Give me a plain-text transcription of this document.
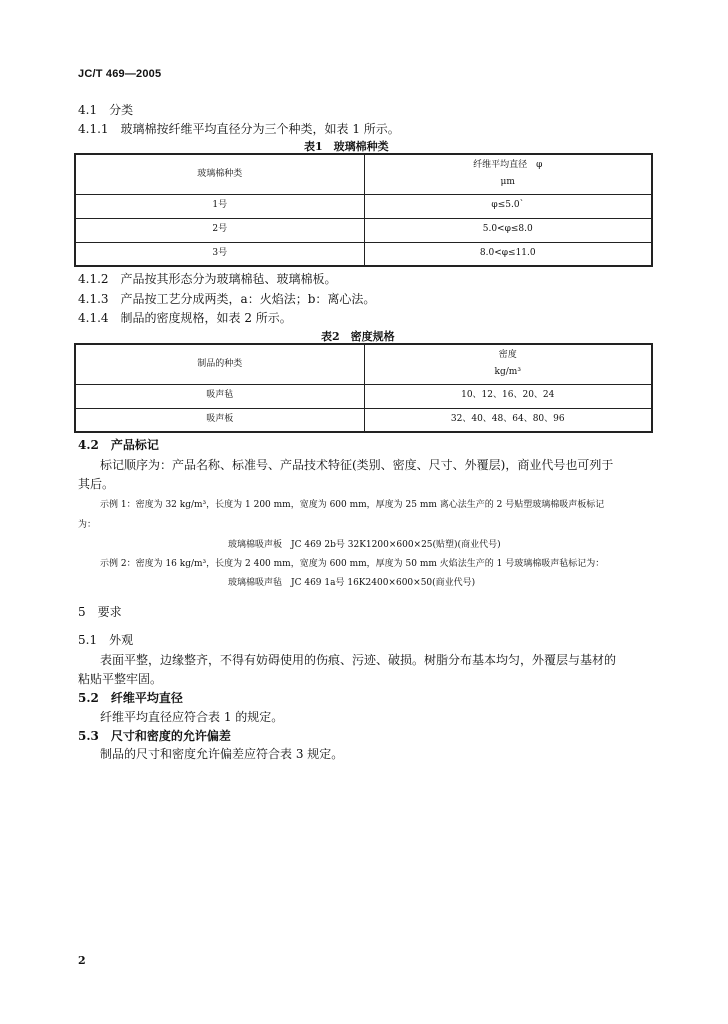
JC/T 469—2005
4.1　分类
4.1.1　玻璃棉按纤维平均直径分为三个种类，如表 1 所示。
表1　玻璃棉种类
玻璃棉种类	纤维平均直径　φ
μm

1号	φ≤5.0`
2号	5.0<φ≤8.0
3号	8.0<φ≤11.0
4.1.2　产品按其形态分为玻璃棉毡、玻璃棉板。
4.1.3　产品按工艺分成两类，a：火焰法；b：离心法。
4.1.4　制品的密度规格，如表 2 所示。
表2　密度规格
制品的种类	密度
kg/m³

吸声毡	10、12、16、20、24
吸声板	32、40、48、64、80、96
4.2　产品标记
标记顺序为：产品名称、标准号、产品技术特征(类别、密度、尺寸、外覆层)，商业代号也可列于
其后。
示例 1：密度为 32 kg/m³，长度为 1 200 mm，宽度为 600 mm，厚度为 25 mm 离心法生产的 2 号贴塑玻璃棉吸声板标记
为：
玻璃棉吸声板　JC 469 2b号 32K1200×600×25(贴塑)(商业代号)
示例 2：密度为 16 kg/m³，长度为 2 400 mm，宽度为 600 mm，厚度为 50 mm 火焰法生产的 1 号玻璃棉吸声毡标记为：
玻璃棉吸声毡　JC 469 1a号 16K2400×600×50(商业代号)
5　要求
5.1　外观
表面平整，边缘整齐，不得有妨碍使用的伤痕、污迹、破损。树脂分布基本均匀，外覆层与基材的
粘贴平整牢固。
5.2　纤维平均直径
纤维平均直径应符合表 1 的规定。
5.3　尺寸和密度的允许偏差
制品的尺寸和密度允许偏差应符合表 3 规定。
2
